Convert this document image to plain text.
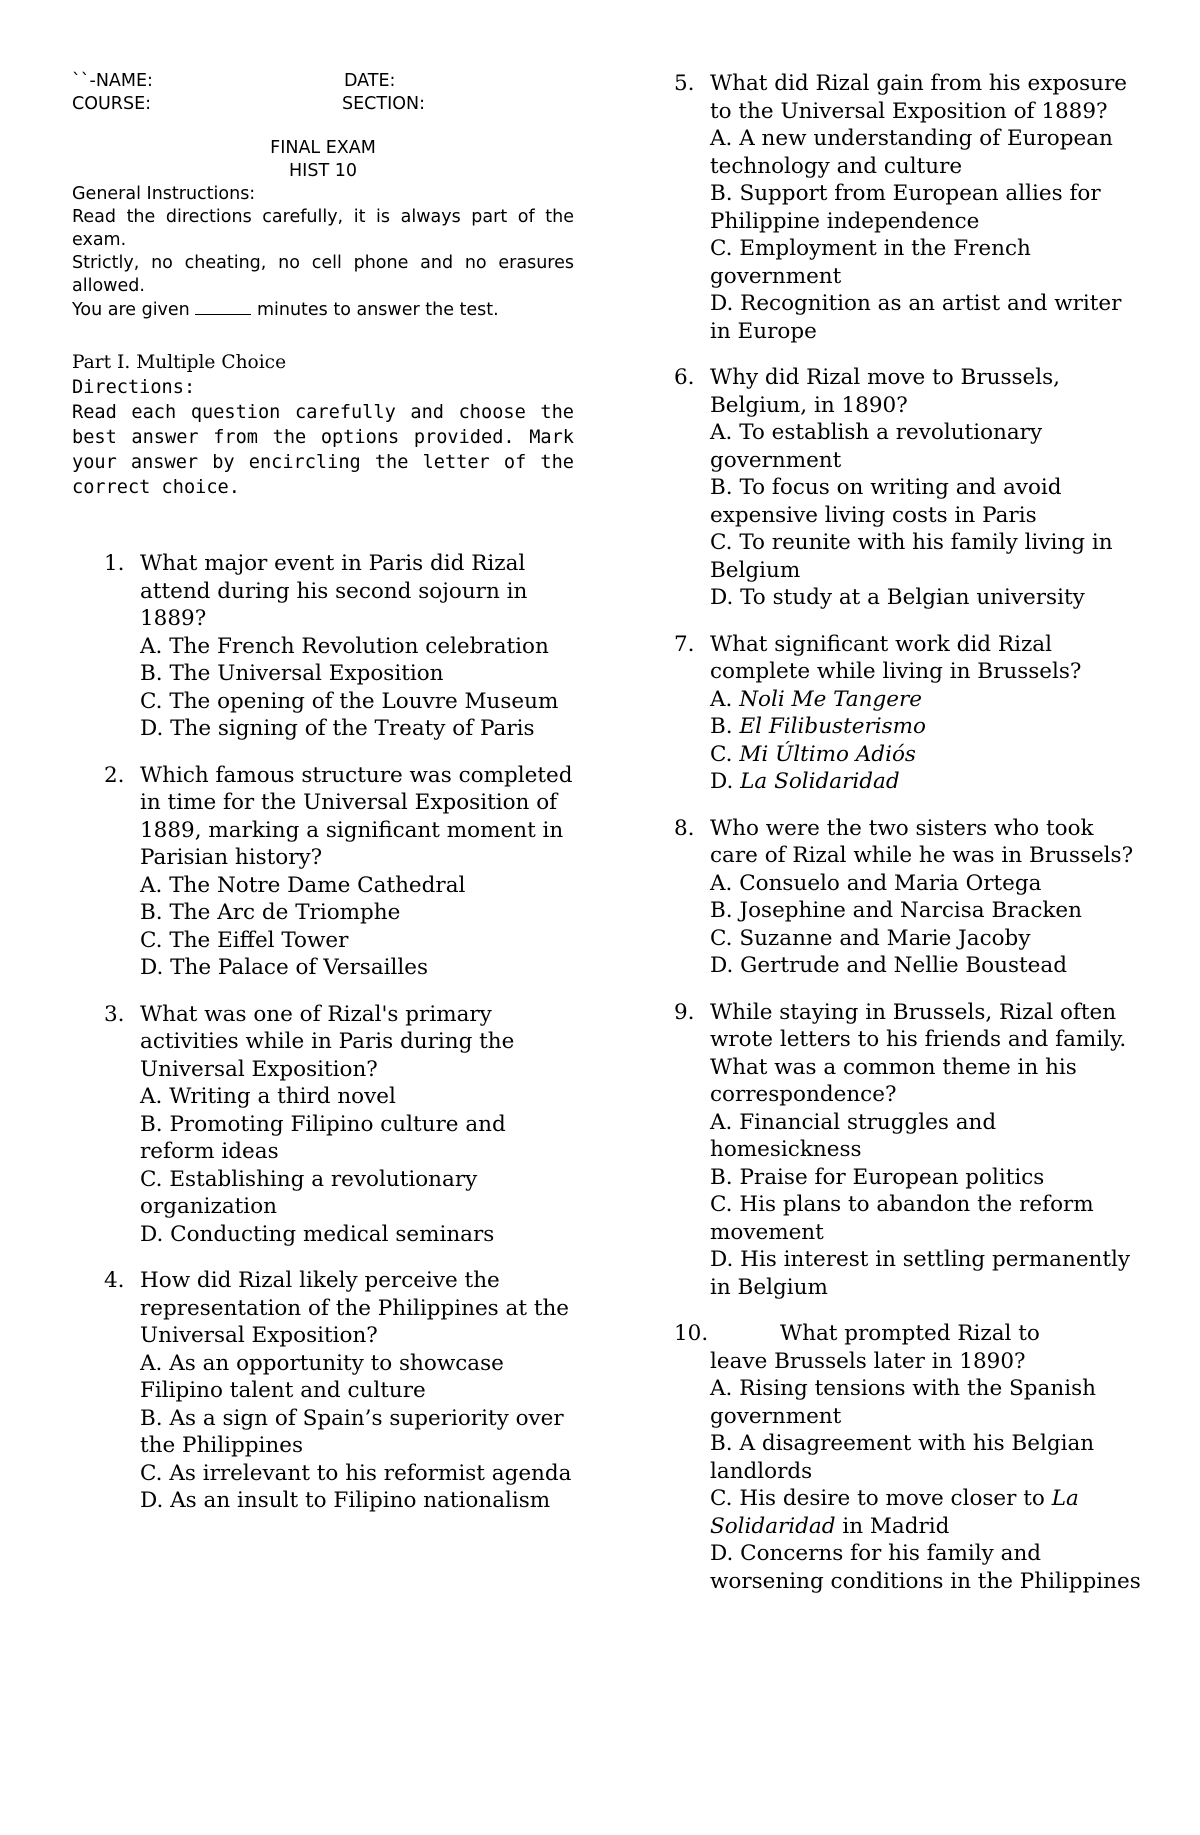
``-NAME:	DATE:
COURSE:	SECTION:
FINAL EXAM
HIST 10
General Instructions:
Read the directions carefully, it is always part of the exam.
Strictly, no cheating, no cell phone and no erasures allowed.
You are given	minutes to answer the test.
Part I. Multiple Choice
Directions:
Read each question carefully and choose the best answer from the options provided. Mark your answer by encircling the letter of the correct choice.
1. What major event in Paris did Rizal attend during his second sojourn in 1889?
A. The French Revolution celebration
B. The Universal Exposition
C. The opening of the Louvre Museum
D. The signing of the Treaty of Paris
2. Which famous structure was completed in time for the Universal Exposition of 1889, marking a significant moment in Parisian history?
A. The Notre Dame Cathedral
B. The Arc de Triomphe
C. The Eiffel Tower
D. The Palace of Versailles
3. What was one of Rizal's primary activities while in Paris during the Universal Exposition?
A. Writing a third novel
B. Promoting Filipino culture and reform ideas
C. Establishing a revolutionary organization
D. Conducting medical seminars
4. How did Rizal likely perceive the representation of the Philippines at the Universal Exposition?
A. As an opportunity to showcase Filipino talent and culture
B. As a sign of Spain’s superiority over the Philippines
C. As irrelevant to his reformist agenda
D. As an insult to Filipino nationalism
5. What did Rizal gain from his exposure to the Universal Exposition of 1889?
A. A new understanding of European technology and culture
B. Support from European allies for Philippine independence
C. Employment in the French government
D. Recognition as an artist and writer in Europe
6. Why did Rizal move to Brussels, Belgium, in 1890?
A. To establish a revolutionary government
B. To focus on writing and avoid expensive living costs in Paris
C. To reunite with his family living in Belgium
D. To study at a Belgian university
7. What significant work did Rizal complete while living in Brussels?
A. Noli Me Tangere
B. El Filibusterismo
C. Mi Último Adiós
D. La Solidaridad
8. Who were the two sisters who took care of Rizal while he was in Brussels?
A. Consuelo and Maria Ortega
B. Josephine and Narcisa Bracken
C. Suzanne and Marie Jacoby
D. Gertrude and Nellie Boustead
9. While staying in Brussels, Rizal often wrote letters to his friends and family. What was a common theme in his correspondence?
A. Financial struggles and homesickness
B. Praise for European politics
C. His plans to abandon the reform movement
D. His interest in settling permanently in Belgium
10.	What prompted Rizal to
leave Brussels later in 1890?
A. Rising tensions with the Spanish government
B. A disagreement with his Belgian landlords
C. His desire to move closer to La Solidaridad in Madrid
D. Concerns for his family and worsening conditions in the Philippines
